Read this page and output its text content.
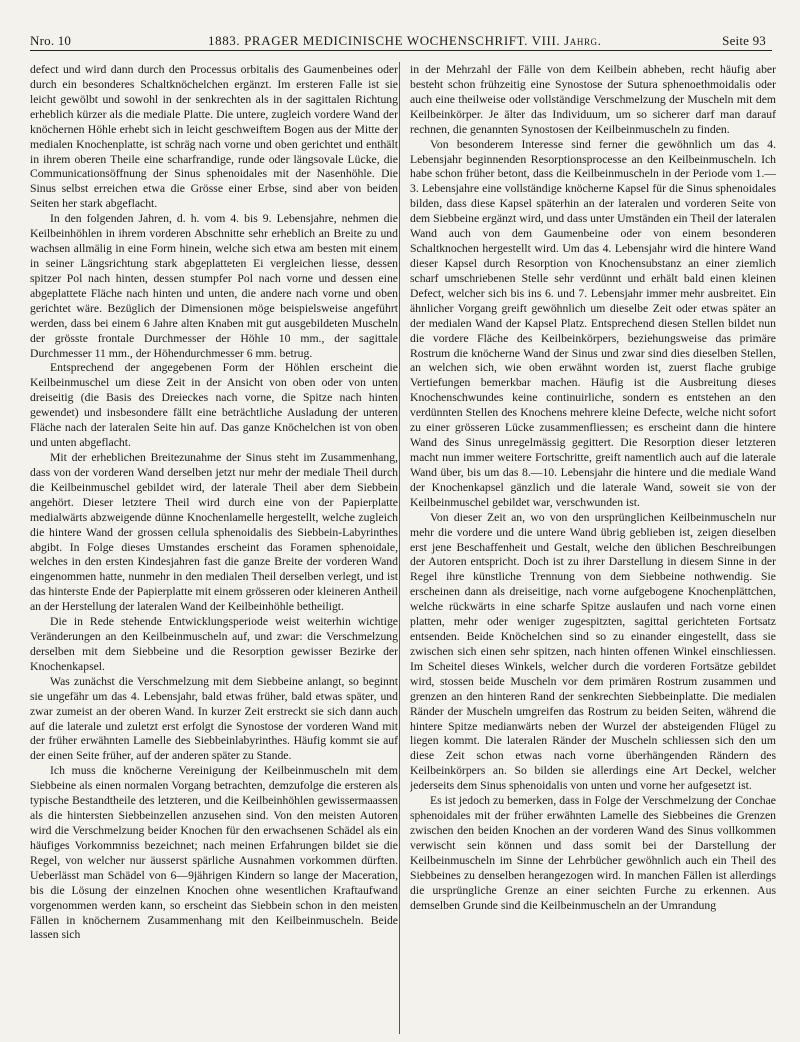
Nro. 10	1883. PRAGER MEDICINISCHE WOCHENSCHRIFT. VIII. Jahrg.	Seite 93

defect und wird dann durch den Processus orbitalis des Gaumenbeines oder durch ein besonderes Schaltknöchelchen ergänzt. Im ersteren Falle ist sie leicht gewölbt und sowohl in der senkrechten als in der sagittalen Richtung erheblich kürzer als die mediale Platte. Die untere, zugleich vordere Wand der knöchernen Höhle erhebt sich in leicht geschweiftem Bogen aus der Mitte der medialen Knochenplatte, ist schräg nach vorne und oben gerichtet und enthält in ihrem oberen Theile eine scharfrandige, runde oder längsovale Lücke, die Communicationsöffnung der Sinus sphenoidales mit der Nasenhöhle. Die Sinus selbst erreichen etwa die Grösse einer Erbse, sind aber von beiden Seiten her stark abgeflacht.

In den folgenden Jahren, d. h. vom 4. bis 9. Lebensjahre, nehmen die Keilbeinhöhlen in ihrem vorderen Abschnitte sehr erheblich an Breite zu und wachsen allmälig in eine Form hinein, welche sich etwa am besten mit einem in seiner Längsrichtung stark abgeplatteten Ei vergleichen liesse, dessen spitzer Pol nach hinten, dessen stumpfer Pol nach vorne und dessen eine abgeplattete Fläche nach hinten und unten, die andere nach vorne und oben gerichtet wäre. Bezüglich der Dimensionen möge beispielsweise angeführt werden, dass bei einem 6 Jahre alten Knaben mit gut ausgebildeten Muscheln der grösste frontale Durchmesser der Höhle 10 mm., der sagittale Durchmesser 11 mm., der Höhendurchmesser 6 mm. betrug.

Entsprechend der angegebenen Form der Höhlen erscheint die Keilbeinmuschel um diese Zeit in der Ansicht von oben oder von unten dreiseitig (die Basis des Dreieckes nach vorne, die Spitze nach hinten gewendet) und insbesondere fällt eine beträchtliche Ausladung der unteren Fläche nach der lateralen Seite hin auf. Das ganze Knöchelchen ist von oben und unten abgeflacht.

Mit der erheblichen Breitezunahme der Sinus steht im Zusammenhang, dass von der vorderen Wand derselben jetzt nur mehr der mediale Theil durch die Keilbeinmuschel gebildet wird, der laterale Theil aber dem Siebbein angehört. Dieser letztere Theil wird durch eine von der Papierplatte medialwärts abzweigende dünne Knochenlamelle hergestellt, welche zugleich die hintere Wand der grossen cellula sphenoidalis des Siebbein-Labyrinthes abgibt. In Folge dieses Umstandes erscheint das Foramen sphenoidale, welches in den ersten Kindesjahren fast die ganze Breite der vorderen Wand eingenommen hatte, nunmehr in den medialen Theil derselben verlegt, und ist das hinterste Ende der Papierplatte mit einem grösseren oder kleineren Antheil an der Herstellung der lateralen Wand der Keilbeinhöhle betheiligt.

Die in Rede stehende Entwicklungsperiode weist weiterhin wichtige Veränderungen an den Keilbeinmuscheln auf, und zwar: die Verschmelzung derselben mit dem Siebbeine und die Resorption gewisser Bezirke der Knochenkapsel.

Was zunächst die Verschmelzung mit dem Siebbeine anlangt, so beginnt sie ungefähr um das 4. Lebensjahr, bald etwas früher, bald etwas später, und zwar zumeist an der oberen Wand. In kurzer Zeit erstreckt sie sich dann auch auf die laterale und zuletzt erst erfolgt die Synostose der vorderen Wand mit der früher erwähnten Lamelle des Siebbeinlabyrinthes. Häufig kommt sie auf der einen Seite früher, auf der anderen später zu Stande.

Ich muss die knöcherne Vereinigung der Keilbeinmuscheln mit dem Siebbeine als einen normalen Vorgang betrachten, demzufolge die ersteren als typische Bestandtheile des letzteren, und die Keilbeinhöhlen gewissermaassen als die hintersten Siebbeinzellen anzusehen sind. Von den meisten Autoren wird die Verschmelzung beider Knochen für den erwachsenen Schädel als ein häufiges Vorkommniss bezeichnet; nach meinen Erfahrungen bildet sie die Regel, von welcher nur äusserst spärliche Ausnahmen vorkommen dürften. Ueberlässt man Schädel von 6—9jährigen Kindern so lange der Maceration, bis die Lösung der einzelnen Knochen ohne wesentlichen Kraftaufwand vorgenommen werden kann, so erscheint das Siebbein schon in den meisten Fällen in knöchernem Zusammenhang mit den Keilbeinmuscheln. Beide lassen sich

in der Mehrzahl der Fälle von dem Keilbein abheben, recht häufig aber besteht schon frühzeitig eine Synostose der Sutura sphenoethmoidalis oder auch eine theilweise oder vollständige Verschmelzung der Muscheln mit dem Keilbeinkörper. Je älter das Individuum, um so sicherer darf man darauf rechnen, die genannten Synostosen der Keilbeinmuscheln zu finden.

Von besonderem Interesse sind ferner die gewöhnlich um das 4. Lebensjahr beginnenden Resorptionsprocesse an den Keilbeinmuscheln. Ich habe schon früher betont, dass die Keilbeinmuscheln in der Periode vom 1.—3. Lebensjahre eine vollständige knöcherne Kapsel für die Sinus sphenoidales bilden, dass diese Kapsel späterhin an der lateralen und vorderen Seite von dem Siebbeine ergänzt wird, und dass unter Umständen ein Theil der lateralen Wand auch von dem Gaumenbeine oder von einem besonderen Schaltknochen hergestellt wird. Um das 4. Lebensjahr wird die hintere Wand dieser Kapsel durch Resorption von Knochensubstanz an einer ziemlich scharf umschriebenen Stelle sehr verdünnt und erhält bald einen kleinen Defect, welcher sich bis ins 6. und 7. Lebensjahr immer mehr ausbreitet. Ein ähnlicher Vorgang greift gewöhnlich um dieselbe Zeit oder etwas später an der medialen Wand der Kapsel Platz. Entsprechend diesen Stellen bildet nun die vordere Fläche des Keilbeinkörpers, beziehungsweise das primäre Rostrum die knöcherne Wand der Sinus und zwar sind dies dieselben Stellen, an welchen sich, wie oben erwähnt worden ist, zuerst flache grubige Vertiefungen bemerkbar machen. Häufig ist die Ausbreitung dieses Knochenschwundes keine continuirliche, sondern es entstehen an den verdünnten Stellen des Knochens mehrere kleine Defecte, welche nicht sofort zu einer grösseren Lücke zusammenfliessen; es erscheint dann die hintere Wand des Sinus unregelmässig gegittert. Die Resorption dieser letzteren macht nun immer weitere Fortschritte, greift namentlich auch auf die laterale Wand über, bis um das 8.—10. Lebensjahr die hintere und die mediale Wand der Knochenkapsel gänzlich und die laterale Wand, soweit sie von der Keilbeinmuschel gebildet war, verschwunden ist.

Von dieser Zeit an, wo von den ursprünglichen Keilbeinmuscheln nur mehr die vordere und die untere Wand übrig geblieben ist, zeigen dieselben erst jene Beschaffenheit und Gestalt, welche den üblichen Beschreibungen der Autoren entspricht. Doch ist zu ihrer Darstellung in diesem Sinne in der Regel ihre künstliche Trennung von dem Siebbeine nothwendig. Sie erscheinen dann als dreiseitige, nach vorne aufgebogene Knochenplättchen, welche rückwärts in eine scharfe Spitze auslaufen und nach vorne einen platten, mehr oder weniger zugespitzten, sagittal gerichteten Fortsatz entsenden. Beide Knöchelchen sind so zu einander eingestellt, dass sie zwischen sich einen sehr spitzen, nach hinten offenen Winkel einschliessen. Im Scheitel dieses Winkels, welcher durch die vorderen Fortsätze gebildet wird, stossen beide Muscheln vor dem primären Rostrum zusammen und grenzen an den hinteren Rand der senkrechten Siebbeinplatte. Die medialen Ränder der Muscheln umgreifen das Rostrum zu beiden Seiten, während die hintere Spitze medianwärts neben der Wurzel der absteigenden Flügel zu liegen kommt. Die lateralen Ränder der Muscheln schliessen sich den um diese Zeit schon etwas nach vorne überhängenden Rändern des Keilbeinkörpers an. So bilden sie allerdings eine Art Deckel, welcher jederseits dem Sinus sphenoidalis von unten und vorne her aufgesetzt ist.

Es ist jedoch zu bemerken, dass in Folge der Verschmelzung der Conchae sphenoidales mit der früher erwähnten Lamelle des Siebbeines die Grenzen zwischen den beiden Knochen an der vorderen Wand des Sinus vollkommen verwischt sein können und dass somit bei der Darstellung der Keilbeinmuscheln im Sinne der Lehrbücher gewöhnlich auch ein Theil des Siebbeines zu denselben herangezogen wird. In manchen Fällen ist allerdings die ursprüngliche Grenze an einer seichten Furche zu erkennen. Aus demselben Grunde sind die Keilbeinmuscheln an der Umrandung
